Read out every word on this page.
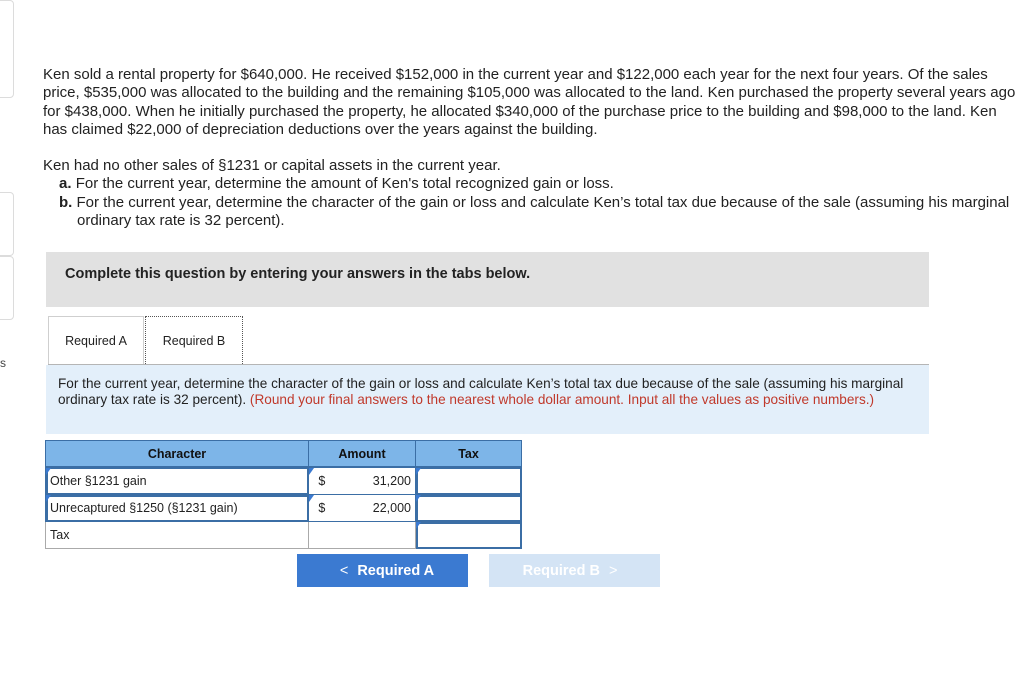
s

Ken sold a rental property for $640,000. He received $152,000 in the current year and $122,000 each year for the next four years. Of the sales price, $535,000 was allocated to the building and the remaining $105,000 was allocated to the land. Ken purchased the property several years ago for $438,000. When he initially purchased the property, he allocated $340,000 of the purchase price to the building and $98,000 to the land. Ken has claimed $22,000 of depreciation deductions over the years against the building.

Ken had no other sales of §1231 or capital assets in the current year.

a. For the current year, determine the amount of Ken's total recognized gain or loss.

b. For the current year, determine the character of the gain or loss and calculate Ken’s total tax due because of the sale (assuming his marginal ordinary tax rate is 32 percent).

Complete this question by entering your answers in the tabs below.
Required A	Required B
For the current year, determine the character of the gain or loss and calculate Ken’s total tax due because of the sale (assuming his marginal ordinary tax rate is 32 percent). (Round your final answers to the nearest whole dollar amount. Input all the values as positive numbers.)
Character	Amount		Tax

Other §1231 gain	$	31,200	

Unrecaptured §1250 (§1231 gain)	$	22,000	

Tax			
< Required A	Required B >
